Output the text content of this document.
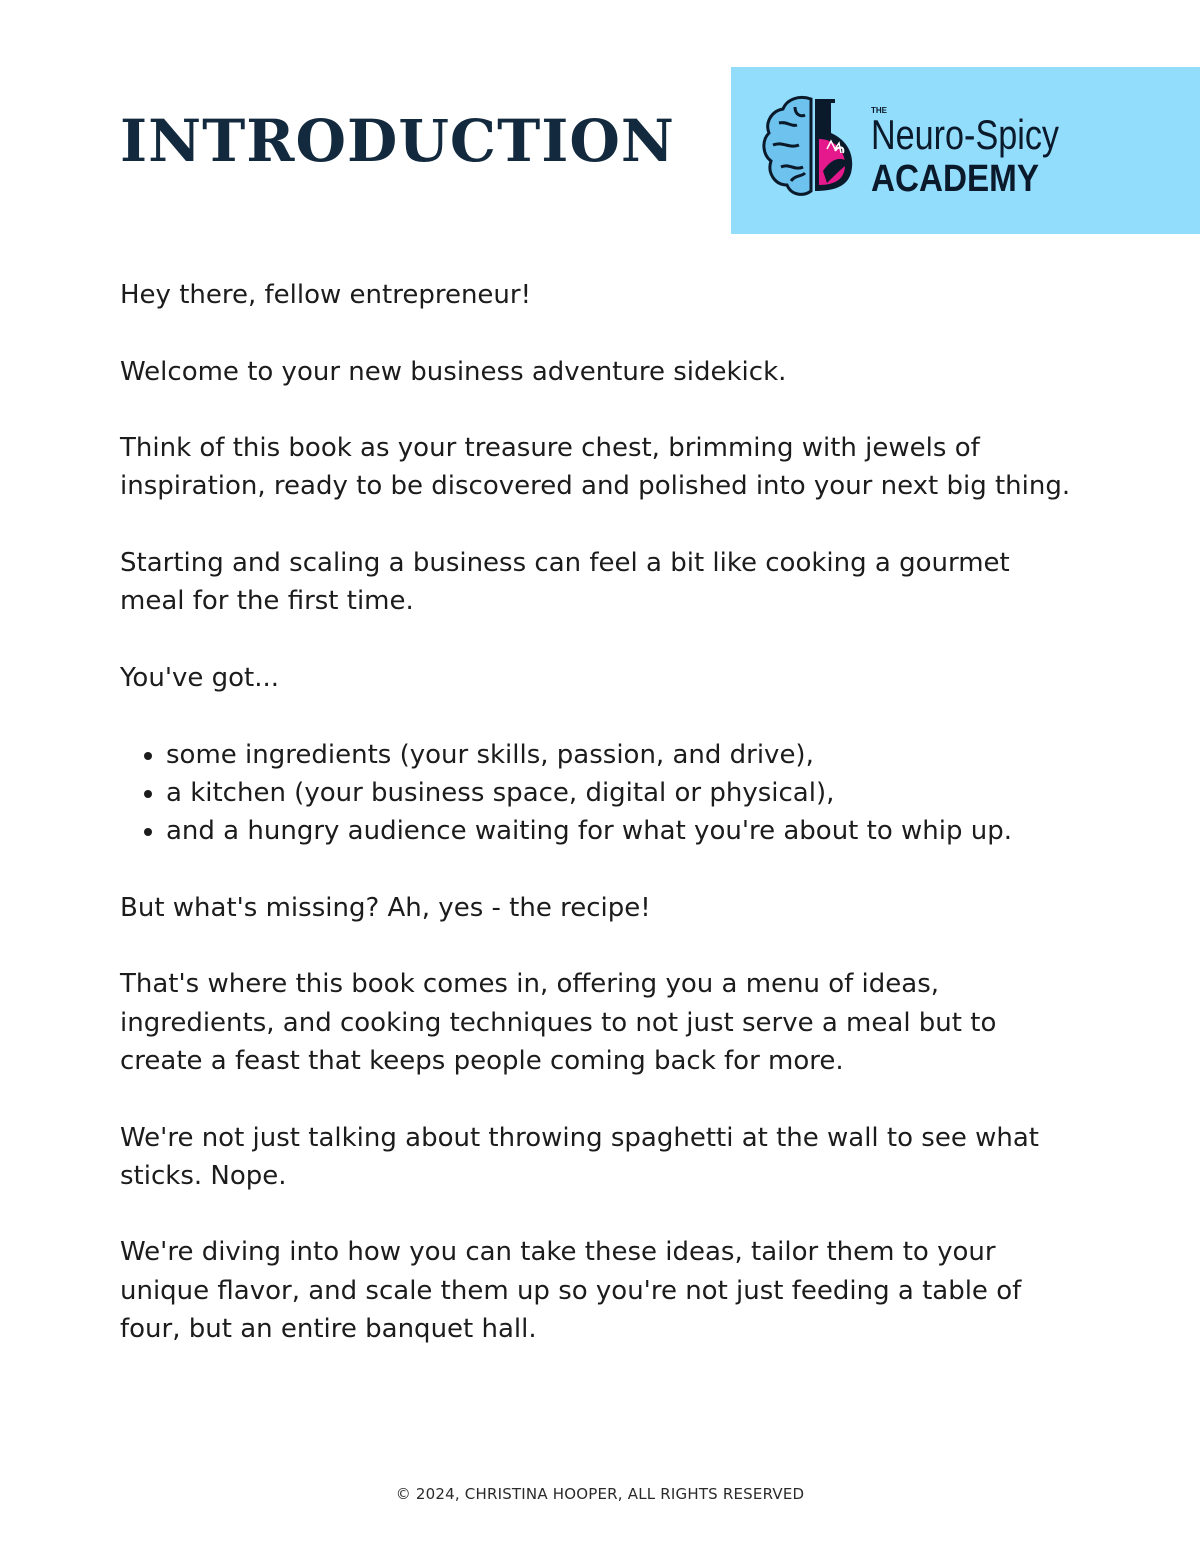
INTRODUCTION	THE
Neuro-Spicy
ACADEMY

Hey there, fellow entrepreneur!

Welcome to your new business adventure sidekick.

Think of this book as your treasure chest, brimming with jewels of inspiration, ready to be discovered and polished into your next big thing.

Starting and scaling a business can feel a bit like cooking a gourmet meal for the first time.

You've got...

• some ingredients (your skills, passion, and drive),
• a kitchen (your business space, digital or physical),
• and a hungry audience waiting for what you're about to whip up.

But what's missing? Ah, yes - the recipe!

That's where this book comes in, offering you a menu of ideas, ingredients, and cooking techniques to not just serve a meal but to create a feast that keeps people coming back for more.

We're not just talking about throwing spaghetti at the wall to see what sticks. Nope.

We're diving into how you can take these ideas, tailor them to your unique flavor, and scale them up so you're not just feeding a table of four, but an entire banquet hall.

© 2024, CHRISTINA HOOPER, ALL RIGHTS RESERVED
